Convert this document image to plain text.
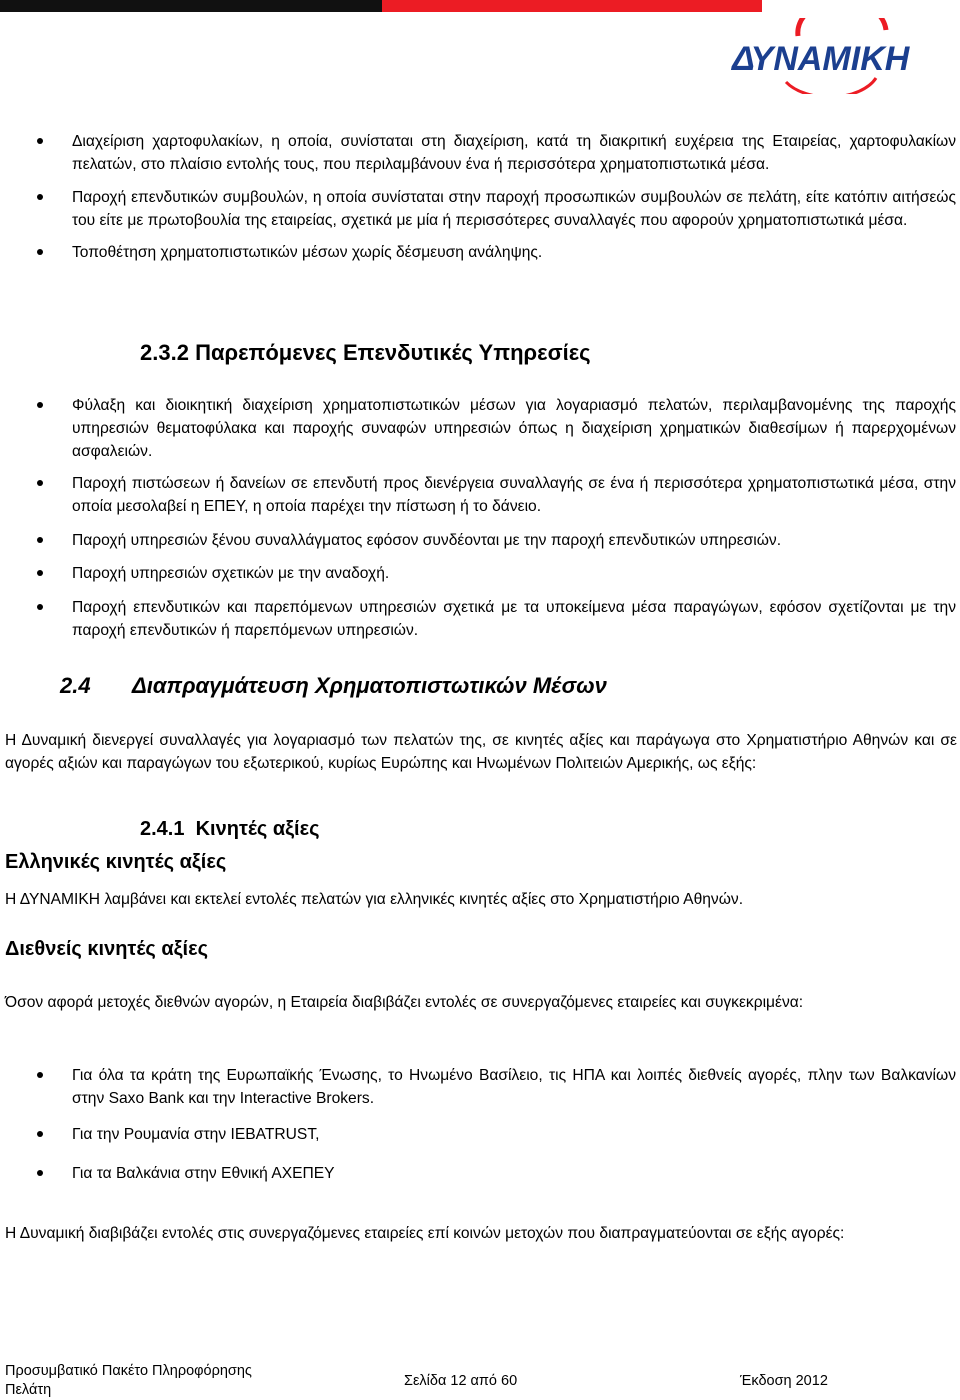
ΔΥΝΑΜΙΚΗ
Διαχείριση χαρτοφυλακίων, η οποία, συνίσταται στη διαχείριση, κατά τη διακριτική ευχέρεια της Εταιρείας, χαρτοφυλακίων πελατών, στο πλαίσιο εντολής τους, που περιλαμβάνουν ένα ή περισσότερα χρηματοπιστωτικά μέσα.
Παροχή επενδυτικών συμβουλών, η οποία συνίσταται στην παροχή προσωπικών συμβουλών σε πελάτη, είτε κατόπιν αιτήσεώς του είτε με πρωτοβουλία της εταιρείας, σχετικά με μία ή περισσότερες συναλλαγές που αφορούν χρηματοπιστωτικά μέσα.
Τοποθέτηση χρηματοπιστωτικών μέσων χωρίς δέσμευση ανάληψης.
2.3.2 Παρεπόμενες Επενδυτικές Υπηρεσίες
Φύλαξη και διοικητική διαχείριση χρηματοπιστωτικών μέσων για λογαριασμό πελατών, περιλαμβανομένης της παροχής υπηρεσιών θεματοφύλακα και παροχής συναφών υπηρεσιών όπως η διαχείριση χρηματικών διαθεσίμων ή παρερχομένων ασφαλειών.
Παροχή πιστώσεων ή δανείων σε επενδυτή προς διενέργεια συναλλαγής σε ένα ή περισσότερα χρηματοπιστωτικά μέσα, στην οποία μεσολαβεί η ΕΠΕΥ, η οποία παρέχει την πίστωση ή το δάνειο.
Παροχή υπηρεσιών ξένου συναλλάγματος εφόσον συνδέονται με την παροχή επενδυτικών υπηρεσιών.
Παροχή υπηρεσιών σχετικών με την αναδοχή.
Παροχή επενδυτικών και παρεπόμενων υπηρεσιών σχετικά με τα υποκείμενα μέσα παραγώγων, εφόσον σχετίζονται με την παροχή επενδυτικών ή παρεπόμενων υπηρεσιών.
2.4 Διαπραγμάτευση Χρηματοπιστωτικών Μέσων

Η Δυναμική διενεργεί συναλλαγές για λογαριασμό των πελατών της, σε κινητές αξίες και παράγωγα στο Χρηματιστήριο Αθηνών και σε αγορές αξιών και παραγώγων του εξωτερικού, κυρίως Ευρώπης και Ηνωμένων Πολιτειών Αμερικής, ως εξής:

2.4.1 Κινητές αξίες
Ελληνικές κινητές αξίες

Η ΔΥΝΑΜΙΚΗ λαμβάνει και εκτελεί εντολές πελατών για ελληνικές κινητές αξίες στο Χρηματιστήριο Αθηνών.

Διεθνείς κινητές αξίες

Όσον αφορά μετοχές διεθνών αγορών, η Εταιρεία διαβιβάζει εντολές σε συνεργαζόμενες εταιρείες και συγκεκριμένα:

Για όλα τα κράτη της Ευρωπαϊκής Ένωσης, το Ηνωμένο Βασίλειο, τις ΗΠΑ και λοιπές διεθνείς αγορές, πλην των Βαλκανίων στην Saxo Bank και την Interactive Brokers.
Για την Ρουμανία στην IEBATRUST,
Για τα Βαλκάνια στην Εθνική ΑΧΕΠΕΥ

Η Δυναμική διαβιβάζει εντολές στις συνεργαζόμενες εταιρείες επί κοινών μετοχών που διαπραγματεύονται σε εξής αγορές:

Προσυμβατικό Πακέτο Πληροφόρησης
Πελάτη
Σελίδα 12 από 60	Έκδοση 2012
